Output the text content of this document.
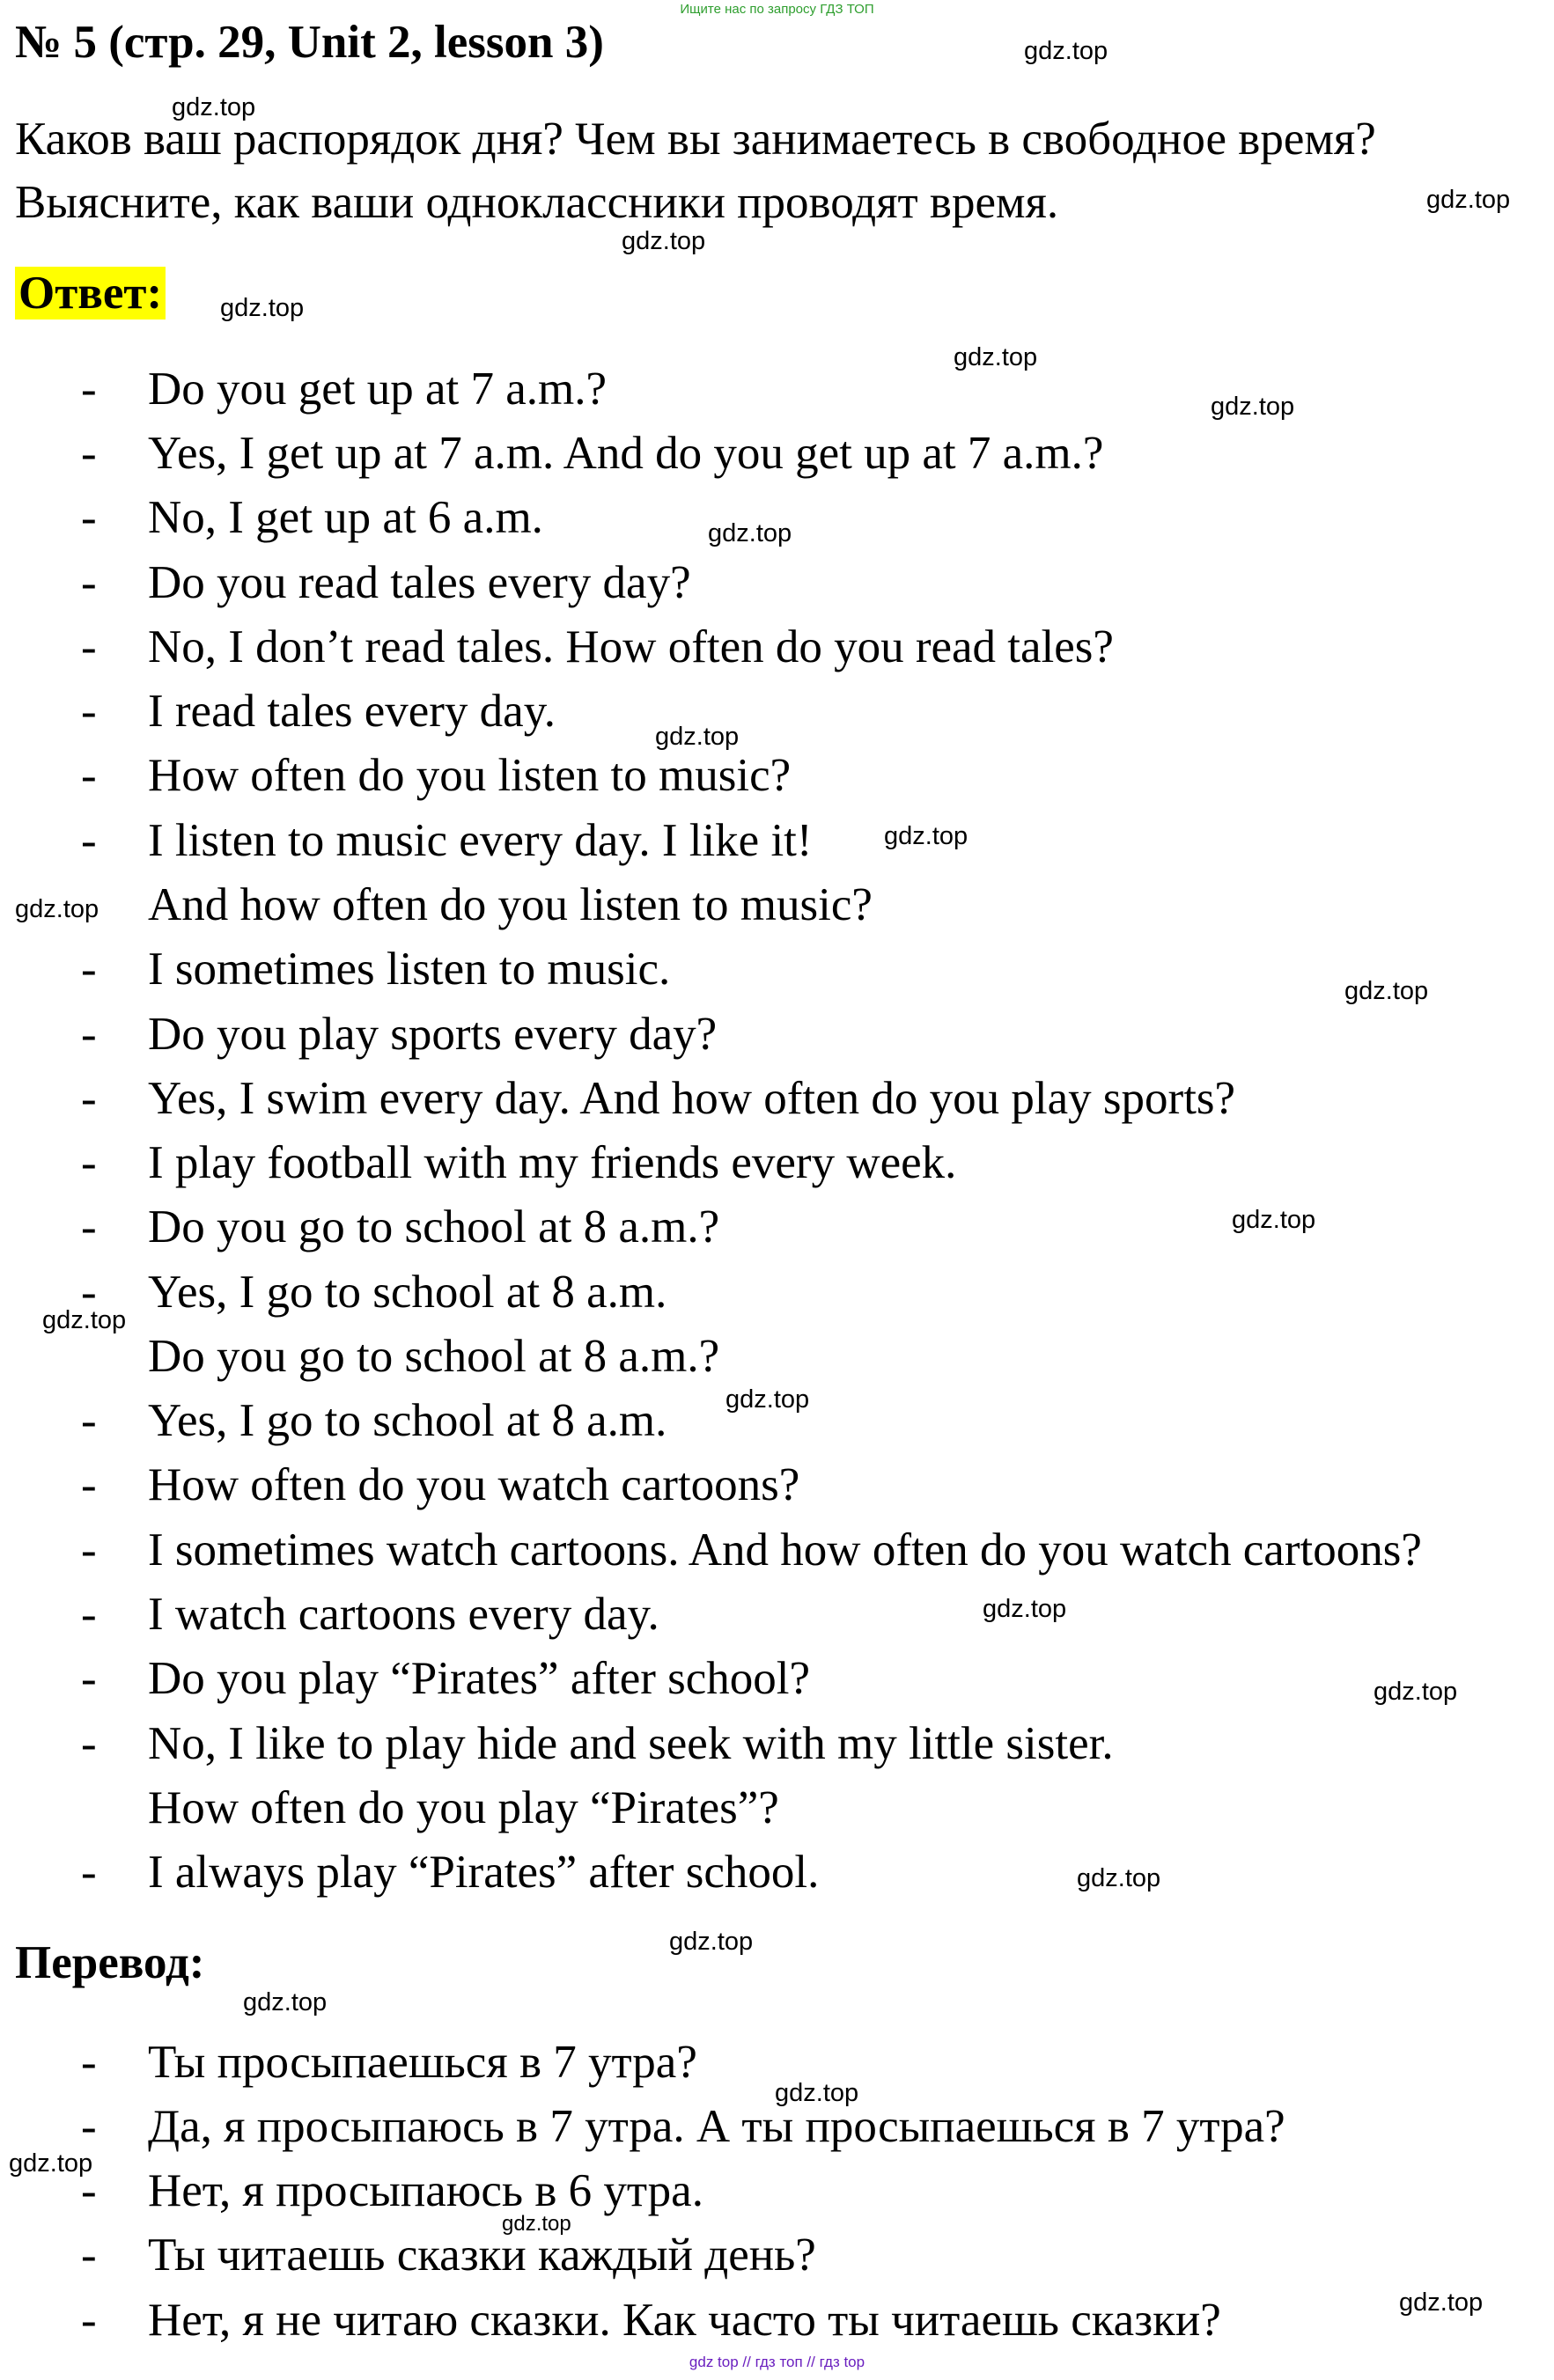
Ищите нас по запросу ГДЗ ТОП
№ 5 (стр. 29, Unit 2, lesson 3)
Каков ваш распорядок дня? Чем вы занимаетесь в свободное время?
Выясните, как ваши одноклассники проводят время.
Ответ:
- Do you get up at 7 a.m.?
- Yes, I get up at 7 a.m. And do you get up at 7 a.m.?
- No, I get up at 6 a.m.
- Do you read tales every day?
- No, I don’t read tales. How often do you read tales?
- I read tales every day.
- How often do you listen to music?
- I listen to music every day. I like it!
And how often do you listen to music?
- I sometimes listen to music.
- Do you play sports every day?
- Yes, I swim every day. And how often do you play sports?
- I play football with my friends every week.
- Do you go to school at 8 a.m.?
- Yes, I go to school at 8 a.m.
Do you go to school at 8 a.m.?
- Yes, I go to school at 8 a.m.
- How often do you watch cartoons?
- I sometimes watch cartoons. And how often do you watch cartoons?
- I watch cartoons every day.
- Do you play “Pirates” after school?
- No, I like to play hide and seek with my little sister.
How often do you play “Pirates”?
- I always play “Pirates” after school.
Перевод:
- Ты просыпаешься в 7 утра?
- Да, я просыпаюсь в 7 утра. А ты просыпаешься в 7 утра?
- Нет, я просыпаюсь в 6 утра.
- Ты читаешь сказки каждый день?
- Нет, я не читаю сказки. Как часто ты читаешь сказки?
gdz.top
gdz.top
gdz.top
gdz.top
gdz.top
gdz.top
gdz.top
gdz.top
gdz.top
gdz.top
gdz.top
gdz.top
gdz.top
gdz.top
gdz.top
gdz.top
gdz.top
gdz.top
gdz.top
gdz.top
gdz.top
gdz.top
gdz.top
gdz.top
gdz top // гдз топ // гдз top
